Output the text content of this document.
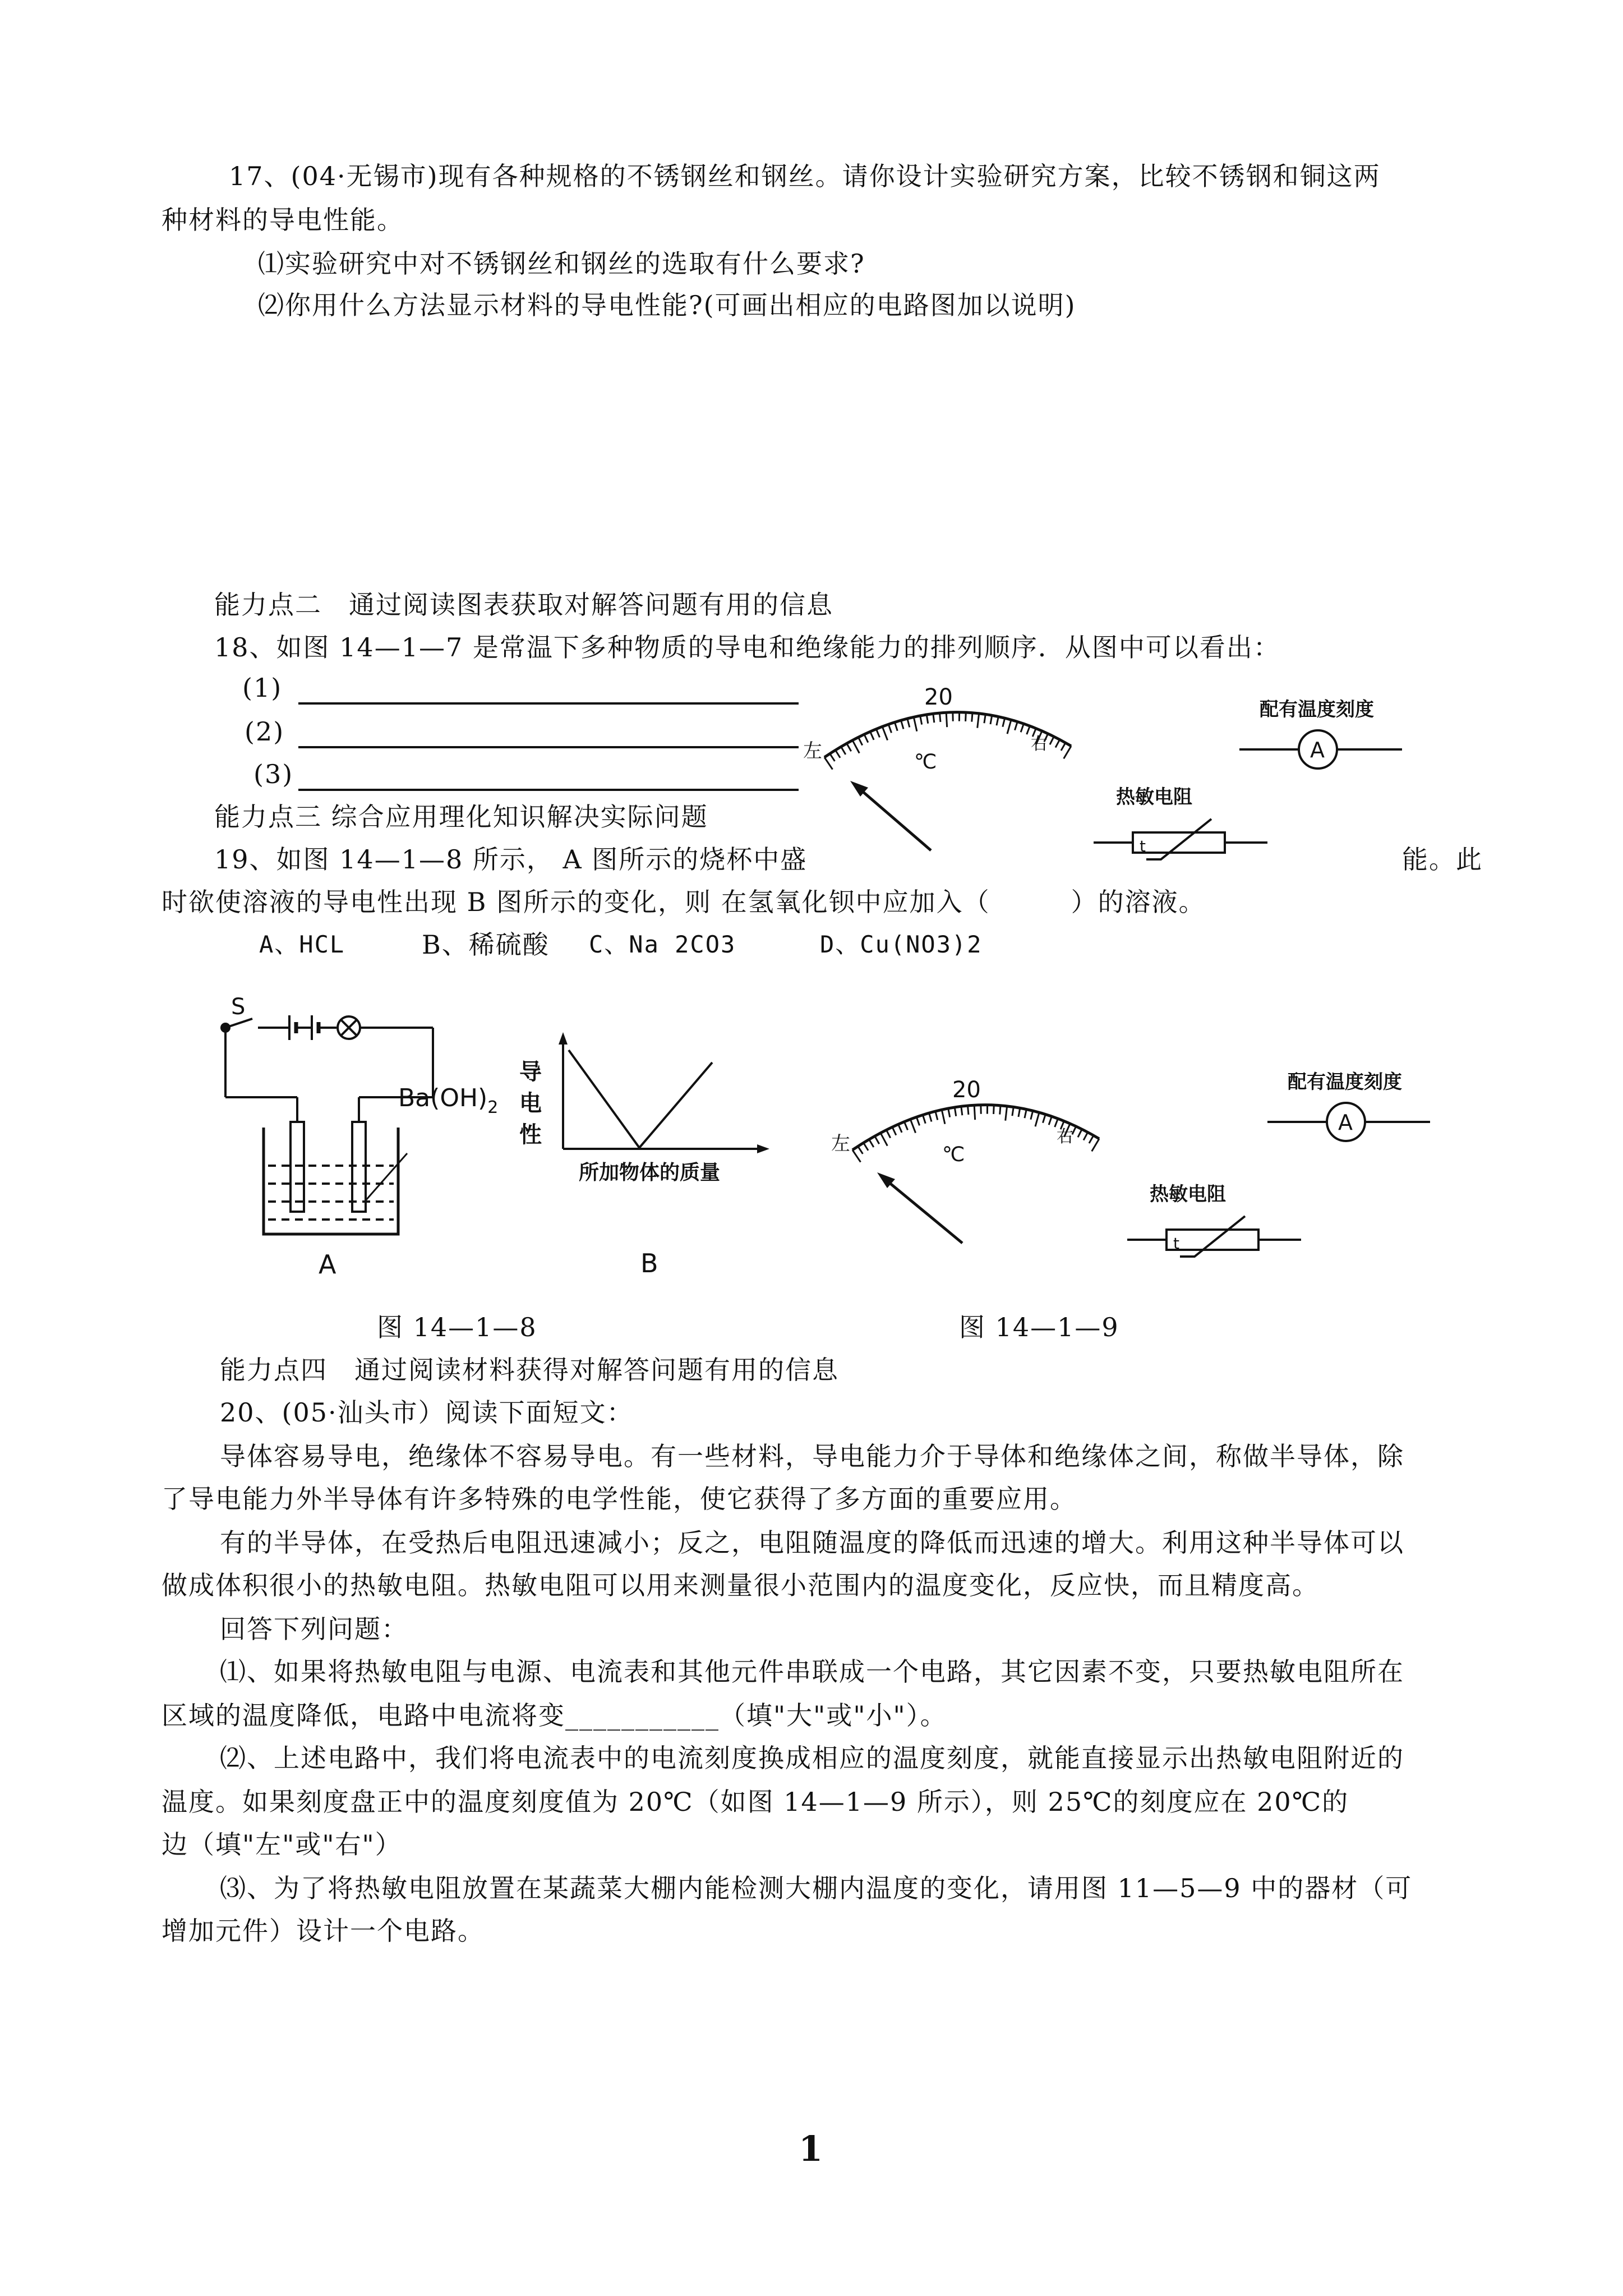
17、(04·无锡市)现有各种规格的不锈钢丝和钢丝。请你设计实验研究方案，比较不锈钢和铜这两
种材料的导电性能。
⑴实验研究中对不锈钢丝和钢丝的选取有什么要求?
⑵你用什么方法显示材料的导电性能?(可画出相应的电路图加以说明)
能力点二　通过阅读图表获取对解答问题有用的信息
18、如图 14—1—7 是常温下多种物质的导电和绝缘能力的排列顺序．从图中可以看出：
(1)
(2)
(3)
能力点三 综合应用理化知识解决实际问题
19、如图 14—1—8 所示， A 图所示的烧杯中盛	能。此
时欲使溶液的导电性出现 B 图所示的变化，则 在氢氧化钡中应加入（　　　）的溶液。
A、HCL	B、稀硫酸 C、Na 2CO3	D、Cu(NO3)2
20
左	右
℃
配有温度刻度
A
热敏电阻
t
S
$Ba(OH)_2$
A
导
电
性
所加物体的质量
B
20
左	右
℃
配有温度刻度
A
热敏电阻
t
图 14—1—8	图 14—1—9
能力点四　通过阅读材料获得对解答问题有用的信息
20、(05·汕头市）阅读下面短文：
导体容易导电，绝缘体不容易导电。有一些材料，导电能力介于导体和绝缘体之间，称做半导体，除
了导电能力外半导体有许多特殊的电学性能，使它获得了多方面的重要应用。
有的半导体，在受热后电阻迅速减小；反之，电阻随温度的降低而迅速的增大。利用这种半导体可以
做成体积很小的热敏电阻。热敏电阻可以用来测量很小范围内的温度变化，反应快，而且精度高。
回答下列问题：
⑴、如果将热敏电阻与电源、电流表和其他元件串联成一个电路，其它因素不变，只要热敏电阻所在
区域的温度降低，电路中电流将变___________（填"大"或"小"）。
⑵、上述电路中，我们将电流表中的电流刻度换成相应的温度刻度，就能直接显示出热敏电阻附近的
温度。如果刻度盘正中的温度刻度值为 20℃（如图 14—1—9 所示），则 25℃的刻度应在 20℃的
边（填"左"或"右"）
⑶、为了将热敏电阻放置在某蔬菜大棚内能检测大棚内温度的变化，请用图 11—5—9 中的器材（可
增加元件）设计一个电路。
1
